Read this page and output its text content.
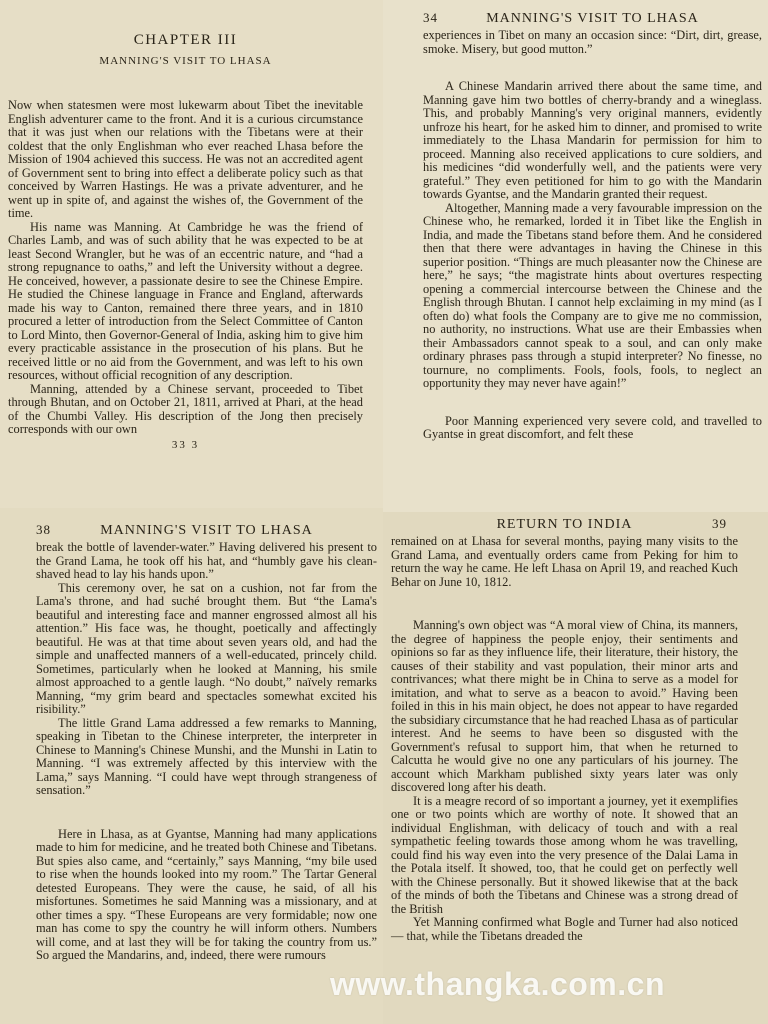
CHAPTER III
MANNING'S VISIT TO LHASA

Now when statesmen were most lukewarm about Tibet the inevitable English adventurer came to the front. And it is a curious circumstance that it was just when our relations with the Tibetans were at their coldest that the only Englishman who ever reached Lhasa before the Mission of 1904 achieved this success. He was not an accredited agent of Government sent to bring into effect a deliberate policy such as that conceived by Warren Hastings. He was a private adventurer, and he went up in spite of, and against the wishes of, the Government of the time.

His name was Manning. At Cambridge he was the friend of Charles Lamb, and was of such ability that he was expected to be at least Second Wrangler, but he was of an eccentric nature, and “had a strong repugnance to oaths,” and left the University without a degree. He conceived, however, a passionate desire to see the Chinese Empire. He studied the Chinese language in France and England, afterwards made his way to Canton, remained there three years, and in 1810 procured a letter of introduction from the Select Committee of Canton to Lord Minto, then Governor-General of India, asking him to give him every practicable assistance in the prosecution of his plans. But he received little or no aid from the Government, and was left to his own resources, without official recognition of any description.

Manning, attended by a Chinese servant, proceeded to Tibet through Bhutan, and on October 21, 1811, arrived at Phari, at the head of the Chumbi Valley. His description of the Jong then precisely corresponds with our own

33 3
34	MANNING'S VISIT TO LHASA

experiences in Tibet on many an occasion since: “Dirt, dirt, grease, smoke. Misery, but good mutton.”

A Chinese Mandarin arrived there about the same time, and Manning gave him two bottles of cherry-brandy and a wineglass. This, and probably Manning's very original manners, evidently unfroze his heart, for he asked him to dinner, and promised to write immediately to the Lhasa Mandarin for permission for him to proceed. Manning also received applications to cure soldiers, and his medicines “did wonderfully well, and the patients were very grateful.” They even petitioned for him to go with the Mandarin towards Gyantse, and the Mandarin granted their request.

Altogether, Manning made a very favourable impression on the Chinese who, he remarked, lorded it in Tibet like the English in India, and made the Tibetans stand before them. And he considered then that there were advantages in having the Chinese in this superior position. “Things are much pleasanter now the Chinese are here,” he says; “the magistrate hints about overtures respecting opening a commercial intercourse between the Chinese and the English through Bhutan. I cannot help exclaiming in my mind (as I often do) what fools the Company are to give me no commission, no authority, no instructions. What use are their Embassies when their Ambassadors cannot speak to a soul, and can only make ordinary phrases pass through a stupid interpreter? No finesse, no tournure, no compliments. Fools, fools, fools, to neglect an opportunity they may never have again!”

Poor Manning experienced very severe cold, and travelled to Gyantse in great discomfort, and felt these

38	MANNING'S VISIT TO LHASA

break the bottle of lavender-water.” Having delivered his present to the Grand Lama, he took off his hat, and “humbly gave his clean-shaved head to lay his hands upon.”

This ceremony over, he sat on a cushion, not far from the Lama's throne, and had suché brought them. But “the Lama's beautiful and interesting face and manner engrossed almost all his attention.” His face was, he thought, poetically and affectingly beautiful. He was at that time about seven years old, and had the simple and unaffected manners of a well-educated, princely child. Sometimes, particularly when he looked at Manning, his smile almost approached to a gentle laugh. “No doubt,” naïvely remarks Manning, “my grim beard and spectacles somewhat excited his risibility.”

The little Grand Lama addressed a few remarks to Manning, speaking in Tibetan to the Chinese interpreter, the interpreter in Chinese to Manning's Chinese Munshi, and the Munshi in Latin to Manning. “I was extremely affected by this interview with the Lama,” says Manning. “I could have wept through strangeness of sensation.”

Here in Lhasa, as at Gyantse, Manning had many applications made to him for medicine, and he treated both Chinese and Tibetans. But spies also came, and “certainly,” says Manning, “my bile used to rise when the hounds looked into my room.” The Tartar General detested Europeans. They were the cause, he said, of all his misfortunes. Sometimes he said Manning was a missionary, and at other times a spy. “These Europeans are very formidable; now one man has come to spy the country he will inform others. Numbers will come, and at last they will be for taking the country from us.” So argued the Mandarins, and, indeed, there were rumours

RETURN TO INDIA	39

remained on at Lhasa for several months, paying many visits to the Grand Lama, and eventually orders came from Peking for him to return the way he came. He left Lhasa on April 19, and reached Kuch Behar on June 10, 1812.

Manning's own object was “A moral view of China, its manners, the degree of happiness the people enjoy, their sentiments and opinions so far as they influence life, their literature, their history, the causes of their stability and vast population, their minor arts and contrivances; what there might be in China to serve as a model for imitation, and what to serve as a beacon to avoid.” Having been foiled in this in his main object, he does not appear to have regarded the subsidiary circumstance that he had reached Lhasa as of particular interest. And he seems to have been so disgusted with the Government's refusal to support him, that when he returned to Calcutta he would give no one any particulars of his journey. The account which Markham published sixty years later was only discovered long after his death.

It is a meagre record of so important a journey, yet it exemplifies one or two points which are worthy of note. It showed that an individual Englishman, with delicacy of touch and with a real sympathetic feeling towards those among whom he was travelling, could find his way even into the very presence of the Dalai Lama in the Potala itself. It showed, too, that he could get on perfectly well with the Chinese personally. But it showed likewise that at the back of the minds of both the Tibetans and Chinese was a strong dread of the British

Yet Manning confirmed what Bogle and Turner had also noticed — that, while the Tibetans dreaded the

www.thangka.com.cn
